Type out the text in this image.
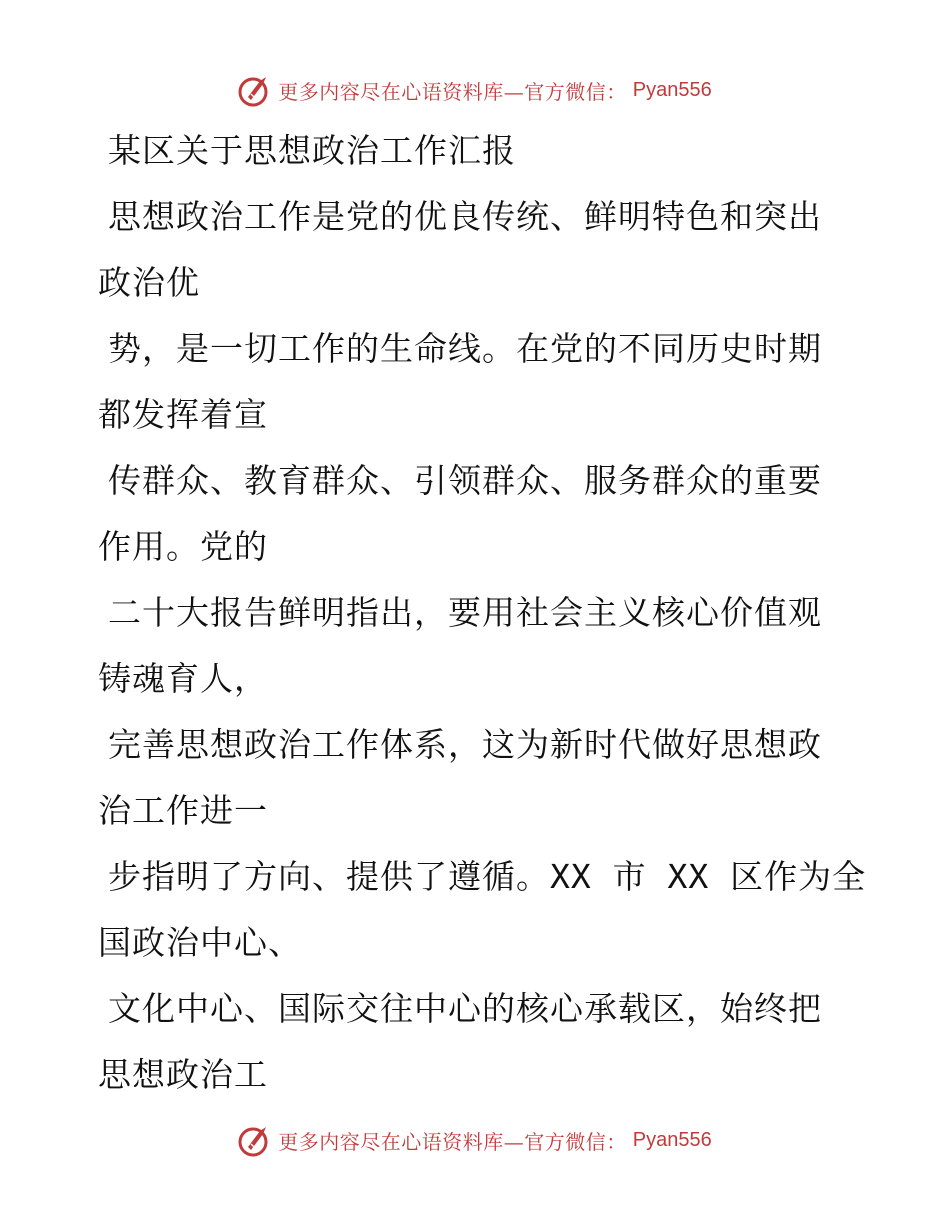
更多内容尽在心语资料库—官方微信： Pyan556
某区关于思想政治工作汇报
思想政治工作是党的优良传统、鲜明特色和突出
政治优
势，是一切工作的生命线。在党的不同历史时期
都发挥着宣
传群众、教育群众、引领群众、服务群众的重要
作用。党的
二十大报告鲜明指出，要用社会主义核心价值观
铸魂育人，
完善思想政治工作体系，这为新时代做好思想政
治工作进一
步指明了方向、提供了遵循。XX 市 XX 区作为全
国政治中心、
文化中心、国际交往中心的核心承载区，始终把
思想政治工
更多内容尽在心语资料库—官方微信： Pyan556
